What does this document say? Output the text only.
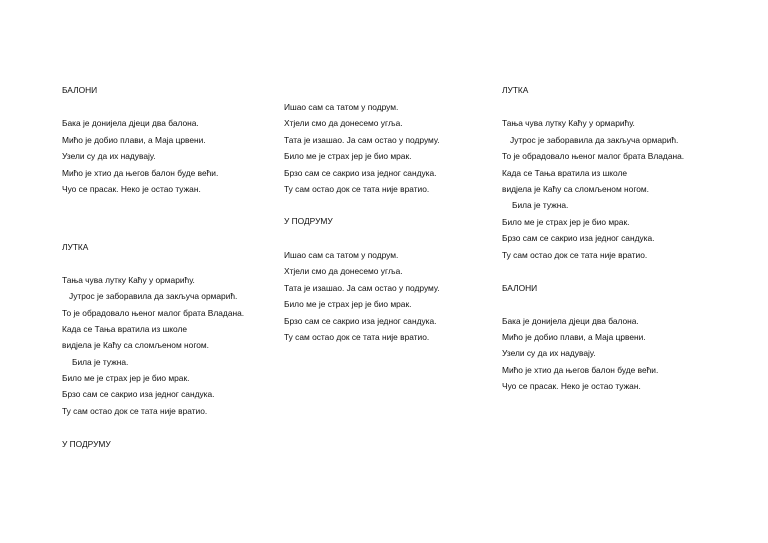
БАЛОНИ
Бака је донијела дјеци два балона.
Мићо је добио плави, а Маја црвени.
Узели су да их надувају.
Мићо је хтио да његов балон буде већи.
Чуо се прасак. Неко је остао тужан.
ЛУТКА
Тања чува лутку Каћу у ормарићу.
Јутрос је заборавила да закључа ормарић.
То је обрадовало њеног малог брата Владана.
Када се Тања вратила из школе
видјела је Каћу са сломљеном ногом.
Била је тужна.
Било ме је страх јер је био мрак.
Брзо сам се сакрио иза једног сандука.
Ту сам остао док се тата није вратио.
У ПОДРУМУ
Ишао сам са татом у подрум.
Хтјели смо да донесемо угља.
Тата је изашао. Ја сам остао у подруму.
Било ме је страх јер је био мрак.
Брзо сам се сакрио иза једног сандука.
Ту сам остао док се тата није вратио.
У ПОДРУМУ
Ишао сам са татом у подрум.
Хтјели смо да донесемо угља.
Тата је изашао. Ја сам остао у подруму.
Било ме је страх јер је био мрак.
Брзо сам се сакрио иза једног сандука.
Ту сам остао док се тата није вратио.
ЛУТКА
Тања чува лутку Каћу у ормарићу.
Јутрос је заборавила да закључа ормарић.
То је обрадовало њеног малог брата Владана.
Када се Тања вратила из школе
видјела је Каћу са сломљеном ногом.
Била је тужна.
Било ме је страх јер је био мрак.
Брзо сам се сакрио иза једног сандука.
Ту сам остао док се тата није вратио.
БАЛОНИ
Бака је донијела дјеци два балона.
Мићо је добио плави, а Маја црвени.
Узели су да их надувају.
Мићо је хтио да његов балон буде већи.
Чуо се прасак. Неко је остао тужан.
